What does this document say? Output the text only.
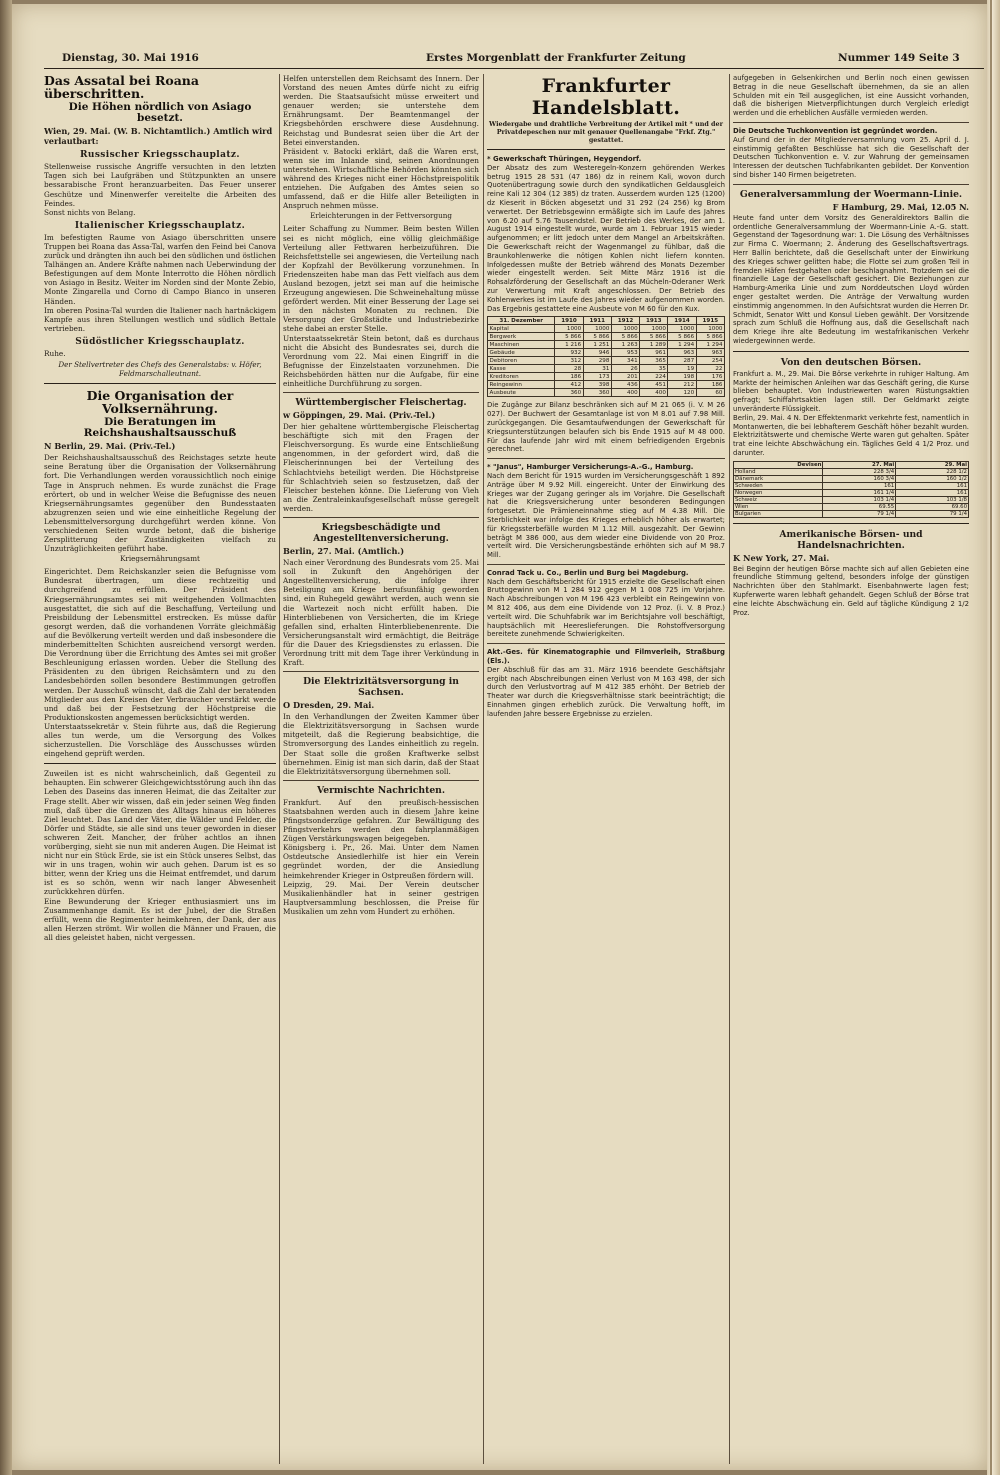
Dienstag, 30. Mai 1916	Erstes Morgenblatt der Frankfurter Zeitung	Nummer 149 Seite 3
Das Assatal bei Roana überschritten.
Die Höhen nördlich von Asiago besetzt.
Wien, 29. Mai. (W. B. Nichtamtlich.) Amtlich wird verlautbart:
Russischer Kriegsschauplatz.

Stellenweise russische Angriffe versuchten in den letzten Tagen sich bei Laufgräben und Stützpunkten an unsere bessarabische Front heranzuarbeiten. Das Feuer unserer Geschütze und Minenwerfer vereitelte die Arbeiten des Feindes.

Sonst nichts von Belang.

Italienischer Kriegsschauplatz.

Im befestigten Raume von Asiago überschritten unsere Truppen bei Roana das Assa-Tal, warfen den Feind bei Canova zurück und drängten ihn auch bei den südlichen und östlichen Talhängen an. Andere Kräfte nahmen nach Ueberwindung der Befestigungen auf dem Monte Interrotto die Höhen nördlich von Asiago in Besitz. Weiter im Norden sind der Monte Zebio, Monte Zingarella und Corno di Campo Bianco in unseren Händen.

Im oberen Posina-Tal wurden die Italiener nach hartnäckigem Kampfe aus ihren Stellungen westlich und südlich Bettale vertrieben.

Südöstlicher Kriegsschauplatz.

Ruhe.

Der Stellvertreter des Chefs des Generalstabs: v. Höfer, Feldmarschalleutnant.
Die Organisation der Volksernährung.
Die Beratungen im Reichshaushaltsausschuß
N Berlin, 29. Mai. (Priv.-Tel.)

Der Reichshaushaltsausschuß des Reichstages setzte heute seine Beratung über die Organisation der Volksernährung fort. Die Verhandlungen werden voraussichtlich noch einige Tage in Anspruch nehmen. Es wurde zunächst die Frage erörtert, ob und in welcher Weise die Befugnisse des neuen Kriegsernährungsamtes gegenüber den Bundesstaaten abzugrenzen seien und wie eine einheitliche Regelung der Lebensmittelversorgung durchgeführt werden könne. Von verschiedenen Seiten wurde betont, daß die bisherige Zersplitterung der Zuständigkeiten vielfach zu Unzuträglichkeiten geführt habe.

Kriegsernährungsamt

Eingerichtet. Dem Reichskanzler seien die Befugnisse vom Bundesrat übertragen, um diese rechtzeitig und durchgreifend zu erfüllen. Der Präsident des Kriegsernährungsamtes sei mit weitgehenden Vollmachten ausgestattet, die sich auf die Beschaffung, Verteilung und Preisbildung der Lebensmittel erstrecken. Es müsse dafür gesorgt werden, daß die vorhandenen Vorräte gleichmäßig auf die Bevölkerung verteilt werden und daß insbesondere die minderbemittelten Schichten ausreichend versorgt werden. Die Verordnung über die Errichtung des Amtes sei mit großer Beschleunigung erlassen worden. Ueber die Stellung des Präsidenten zu den übrigen Reichsämtern und zu den Landesbehörden sollen besondere Bestimmungen getroffen werden. Der Ausschuß wünscht, daß die Zahl der beratenden Mitglieder aus den Kreisen der Verbraucher verstärkt werde und daß bei der Festsetzung der Höchstpreise die Produktionskosten angemessen berücksichtigt werden.

Unterstaatssekretär v. Stein führte aus, daß die Regierung alles tun werde, um die Versorgung des Volkes sicherzustellen. Die Vorschläge des Ausschusses würden eingehend geprüft werden.

Zuweilen ist es nicht wahrscheinlich, daß Gegenteil zu behaupten. Ein schwerer Gleichgewichtsstörung auch ihn das Leben des Daseins das inneren Heimat, die das Zeitalter zur Frage stellt. Aber wir wissen, daß ein jeder seinen Weg finden muß, daß über die Grenzen des Alltags hinaus ein höheres Ziel leuchtet. Das Land der Väter, die Wälder und Felder, die Dörfer und Städte, sie alle sind uns teuer geworden in dieser schweren Zeit. Mancher, der früher achtlos an ihnen vorüberging, sieht sie nun mit anderen Augen. Die Heimat ist nicht nur ein Stück Erde, sie ist ein Stück unseres Selbst, das wir in uns tragen, wohin wir auch gehen. Darum ist es so bitter, wenn der Krieg uns die Heimat entfremdet, und darum ist es so schön, wenn wir nach langer Abwesenheit zurückkehren dürfen.

Eine Bewunderung der Krieger enthusiasmiert uns im Zusammenhange damit. Es ist der Jubel, der die Straßen erfüllt, wenn die Regimenter heimkehren, der Dank, der aus allen Herzen strömt. Wir wollen die Männer und Frauen, die all dies geleistet haben, nicht vergessen.

Helfen unterstellen dem Reichsamt des Innern. Der Vorstand des neuen Amtes dürfe nicht zu eifrig werden. Die Staatsaufsicht müsse erweitert und genauer werden; sie unterstehe dem Ernährungsamt. Der Beamtenmangel der Kriegsbehörden erschwere diese Ausdehnung. Reichstag und Bundesrat seien über die Art der Betei einverstanden.

Präsident v. Batocki erklärt, daß die Waren erst, wenn sie im Inlande sind, seinen Anordnungen unterstehen. Wirtschaftliche Behörden könnten sich während des Krieges nicht einer Höchstpreispolitik entziehen. Die Aufgaben des Amtes seien so umfassend, daß er die Hilfe aller Beteiligten in Anspruch nehmen müsse.

Erleichterungen in der Fettversorgung

Leiter Schaffung zu Nummer. Beim besten Willen sei es nicht möglich, eine völlig gleichmäßige Verteilung aller Fettwaren herbeizuführen. Die Reichsfettstelle sei angewiesen, die Verteilung nach der Kopfzahl der Bevölkerung vorzunehmen. In Friedenszeiten habe man das Fett vielfach aus dem Ausland bezogen, jetzt sei man auf die heimische Erzeugung angewiesen. Die Schweinehaltung müsse gefördert werden. Mit einer Besserung der Lage sei in den nächsten Monaten zu rechnen. Die Versorgung der Großstädte und Industriebezirke stehe dabei an erster Stelle.

Unterstaatssekretär Stein betont, daß es durchaus nicht die Absicht des Bundesrates sei, durch die Verordnung vom 22. Mai einen Eingriff in die Befugnisse der Einzelstaaten vorzunehmen. Die Reichsbehörden hätten nur die Aufgabe, für eine einheitliche Durchführung zu sorgen.

Württembergischer Fleischertag.
w Göppingen, 29. Mai. (Priv.-Tel.)

Der hier gehaltene württembergische Fleischertag beschäftigte sich mit den Fragen der Fleischversorgung. Es wurde eine Entschließung angenommen, in der gefordert wird, daß die Fleischerinnungen bei der Verteilung des Schlachtviehs beteiligt werden. Die Höchstpreise für Schlachtvieh seien so festzusetzen, daß der Fleischer bestehen könne. Die Lieferung von Vieh an die Zentraleinkaufsgesellschaft müsse geregelt werden.

Kriegsbeschädigte und Angestelltenversicherung.
Berlin, 27. Mai. (Amtlich.)

Nach einer Verordnung des Bundesrats vom 25. Mai soll in Zukunft den Angehörigen der Angestelltenversicherung, die infolge ihrer Beteiligung am Kriege berufsunfähig geworden sind, ein Ruhegeld gewährt werden, auch wenn sie die Wartezeit noch nicht erfüllt haben. Die Hinterbliebenen von Versicherten, die im Kriege gefallen sind, erhalten Hinterbliebenenrente. Die Versicherungsanstalt wird ermächtigt, die Beiträge für die Dauer des Kriegsdienstes zu erlassen. Die Verordnung tritt mit dem Tage ihrer Verkündung in Kraft.

Die Elektrizitätsversorgung in Sachsen.
O Dresden, 29. Mai.

In den Verhandlungen der Zweiten Kammer über die Elektrizitätsversorgung in Sachsen wurde mitgeteilt, daß die Regierung beabsichtige, die Stromversorgung des Landes einheitlich zu regeln. Der Staat solle die großen Kraftwerke selbst übernehmen. Einig ist man sich darin, daß der Staat die Elektrizitätsversorgung übernehmen soll.

Vermischte Nachrichten.

Frankfurt. Auf den preußisch-hessischen Staatsbahnen werden auch in diesem Jahre keine Pfingstsonderzüge gefahren. Zur Bewältigung des Pfingstverkehrs werden den fahrplanmäßigen Zügen Verstärkungswagen beigegeben.

Königsberg i. Pr., 26. Mai. Unter dem Namen Ostdeutsche Ansiedlerhilfe ist hier ein Verein gegründet worden, der die Ansiedlung heimkehrender Krieger in Ostpreußen fördern will.

Leipzig, 29. Mai. Der Verein deutscher Musikalienhändler hat in seiner gestrigen Hauptversammlung beschlossen, die Preise für Musikalien um zehn vom Hundert zu erhöhen.

Frankfurter Handelsblatt.
Wiedergabe und drahtliche Verbreitung der Artikel mit * und der Privatdepeschen nur mit genauer Quellenangabe "Frkf. Ztg." gestattet.

* Gewerkschaft Thüringen, Heygendorf.

Der Absatz des zum Westeregeln-Konzern gehörenden Werkes betrug 1915 28 531 (47 186) dz in reinem Kali, wovon durch Quotenübertragung sowie durch den syndikatlichen Geldausgleich reine Kali 12 304 (12 385) dz traten. Ausserdem wurden 125 (1200) dz Kieserit in Böcken abgesetzt und 31 292 (24 256) kg Brom verwertet. Der Betriebsgewinn ermäßigte sich im Laufe des Jahres von 6.20 auf 5.76 Tausendstel. Der Betrieb des Werkes, der am 1. August 1914 eingestellt wurde, wurde am 1. Februar 1915 wieder aufgenommen; er litt jedoch unter dem Mangel an Arbeitskräften. Die Gewerkschaft reicht der Wagenmangel zu fühlbar, daß die Braunkohlenwerke die nötigen Kohlen nicht liefern konnten. Infolgedessen mußte der Betrieb während des Monats Dezember wieder eingestellt werden. Seit Mitte März 1916 ist die Rohsalzförderung der Gesellschaft an das Mücheln-Oderaner Werk zur Verwertung mit Kraft angeschlossen. Der Betrieb des Kohlenwerkes ist im Laufe des Jahres wieder aufgenommen worden. Das Ergebnis gestattete eine Ausbeute von M 60 für den Kux.

31. Dezember	1910	1911	1912	1913	1914	1915
Kapital	1000	1000	1000	1000	1000	1000
Bergwerk	5 866	5 866	5 866	5 866	5 866	5 866
Maschinen	1 216	1 251	1 263	1 289	1 294	1 294
Gebäude	932	946	953	961	963	963
Debitoren	312	298	341	365	287	254
Kasse	28	31	26	35	19	22
Kreditoren	186	173	201	224	198	176
Reingewinn	412	398	436	451	212	186
Ausbeute	360	360	400	400	120	60

Die Zugänge zur Bilanz beschränken sich auf M 21 065 (i. V. M 26 027). Der Buchwert der Gesamtanlage ist von M 8.01 auf 7.98 Mill. zurückgegangen. Die Gesamtaufwendungen der Gewerkschaft für Kriegsunterstützungen belaufen sich bis Ende 1915 auf M 48 000. Für das laufende Jahr wird mit einem befriedigenden Ergebnis gerechnet.

* "Janus", Hamburger Versicherungs-A.-G., Hamburg.

Nach dem Bericht für 1915 wurden im Versicherungsgeschäft 1 892 Anträge über M 9.92 Mill. eingereicht. Unter der Einwirkung des Krieges war der Zugang geringer als im Vorjahre. Die Gesellschaft hat die Kriegsversicherung unter besonderen Bedingungen fortgesetzt. Die Prämieneinnahme stieg auf M 4.38 Mill. Die Sterblichkeit war infolge des Krieges erheblich höher als erwartet; für Kriegssterbefälle wurden M 1.12 Mill. ausgezahlt. Der Gewinn beträgt M 386 000, aus dem wieder eine Dividende von 20 Proz. verteilt wird. Die Versicherungsbestände erhöhten sich auf M 98.7 Mill.

Conrad Tack u. Co., Berlin und Burg bei Magdeburg.

Nach dem Geschäftsbericht für 1915 erzielte die Gesellschaft einen Bruttogewinn von M 1 284 912 gegen M 1 008 725 im Vorjahre. Nach Abschreibungen von M 196 423 verbleibt ein Reingewinn von M 812 406, aus dem eine Dividende von 12 Proz. (i. V. 8 Proz.) verteilt wird. Die Schuhfabrik war im Berichtsjahre voll beschäftigt, hauptsächlich mit Heereslieferungen. Die Rohstoffversorgung bereitete zunehmende Schwierigkeiten.

Akt.-Ges. für Kinematographie und Filmverleih, Straßburg (Els.).

Der Abschluß für das am 31. März 1916 beendete Geschäftsjahr ergibt nach Abschreibungen einen Verlust von M 163 498, der sich durch den Verlustvortrag auf M 412 385 erhöht. Der Betrieb der Theater war durch die Kriegsverhältnisse stark beeinträchtigt; die Einnahmen gingen erheblich zurück. Die Verwaltung hofft, im laufenden Jahre bessere Ergebnisse zu erzielen.

aufgegeben in Gelsenkirchen und Berlin noch einen gewissen Betrag in die neue Gesellschaft übernehmen, da sie an allen Schulden mit ein Teil ausgeglichen, ist eine Aussicht vorhanden, daß die bisherigen Mietverpflichtungen durch Vergleich erledigt werden und die erheblichen Ausfälle vermieden werden.

Die Deutsche Tuchkonvention ist gegründet worden.

Auf Grund der in der Mitgliederversammlung vom 25. April d. J. einstimmig gefaßten Beschlüsse hat sich die Gesellschaft der Deutschen Tuchkonvention e. V. zur Wahrung der gemeinsamen Interessen der deutschen Tuchfabrikanten gebildet. Der Konvention sind bisher 140 Firmen beigetreten.

Generalversammlung der Woermann-Linie.
F Hamburg, 29. Mai, 12.05 N.

Heute fand unter dem Vorsitz des Generaldirektors Ballin die ordentliche Generalversammlung der Woermann-Linie A.-G. statt. Gegenstand der Tagesordnung war: 1. Die Lösung des Verhältnisses zur Firma C. Woermann; 2. Änderung des Gesellschaftsvertrags. Herr Ballin berichtete, daß die Gesellschaft unter der Einwirkung des Krieges schwer gelitten habe; die Flotte sei zum großen Teil in fremden Häfen festgehalten oder beschlagnahmt. Trotzdem sei die finanzielle Lage der Gesellschaft gesichert. Die Beziehungen zur Hamburg-Amerika Linie und zum Norddeutschen Lloyd würden enger gestaltet werden. Die Anträge der Verwaltung wurden einstimmig angenommen. In den Aufsichtsrat wurden die Herren Dr. Schmidt, Senator Witt und Konsul Lieben gewählt. Der Vorsitzende sprach zum Schluß die Hoffnung aus, daß die Gesellschaft nach dem Kriege ihre alte Bedeutung im westafrikanischen Verkehr wiedergewinnen werde.

Von den deutschen Börsen.

Frankfurt a. M., 29. Mai. Die Börse verkehrte in ruhiger Haltung. Am Markte der heimischen Anleihen war das Geschäft gering, die Kurse blieben behauptet. Von Industriewerten waren Rüstungsaktien gefragt; Schiffahrtsaktien lagen still. Der Geldmarkt zeigte unveränderte Flüssigkeit.

Berlin, 29. Mai. 4 N. Der Effektenmarkt verkehrte fest, namentlich in Montanwerten, die bei lebhafterem Geschäft höher bezahlt wurden. Elektrizitätswerte und chemische Werte waren gut gehalten. Später trat eine leichte Abschwächung ein. Tägliches Geld 4 1/2 Proz. und darunter.

Devisen	27. Mai	29. Mai
Holland	228 3/4	228 1/2
Dänemark	160 3/4	160 1/2
Schweden	161	161
Norwegen	161 1/4	161
Schweiz	103 1/4	103 1/8
Wien	69.55	69.60
Bulgarien	79 1/4	79 1/4
Amerikanische Börsen- und Handelsnachrichten.
K New York, 27. Mai.

Bei Beginn der heutigen Börse machte sich auf allen Gebieten eine freundliche Stimmung geltend, besonders infolge der günstigen Nachrichten über den Stahlmarkt. Eisenbahnwerte lagen fest; Kupferwerte waren lebhaft gehandelt. Gegen Schluß der Börse trat eine leichte Abschwächung ein. Geld auf tägliche Kündigung 2 1/2 Proz.
